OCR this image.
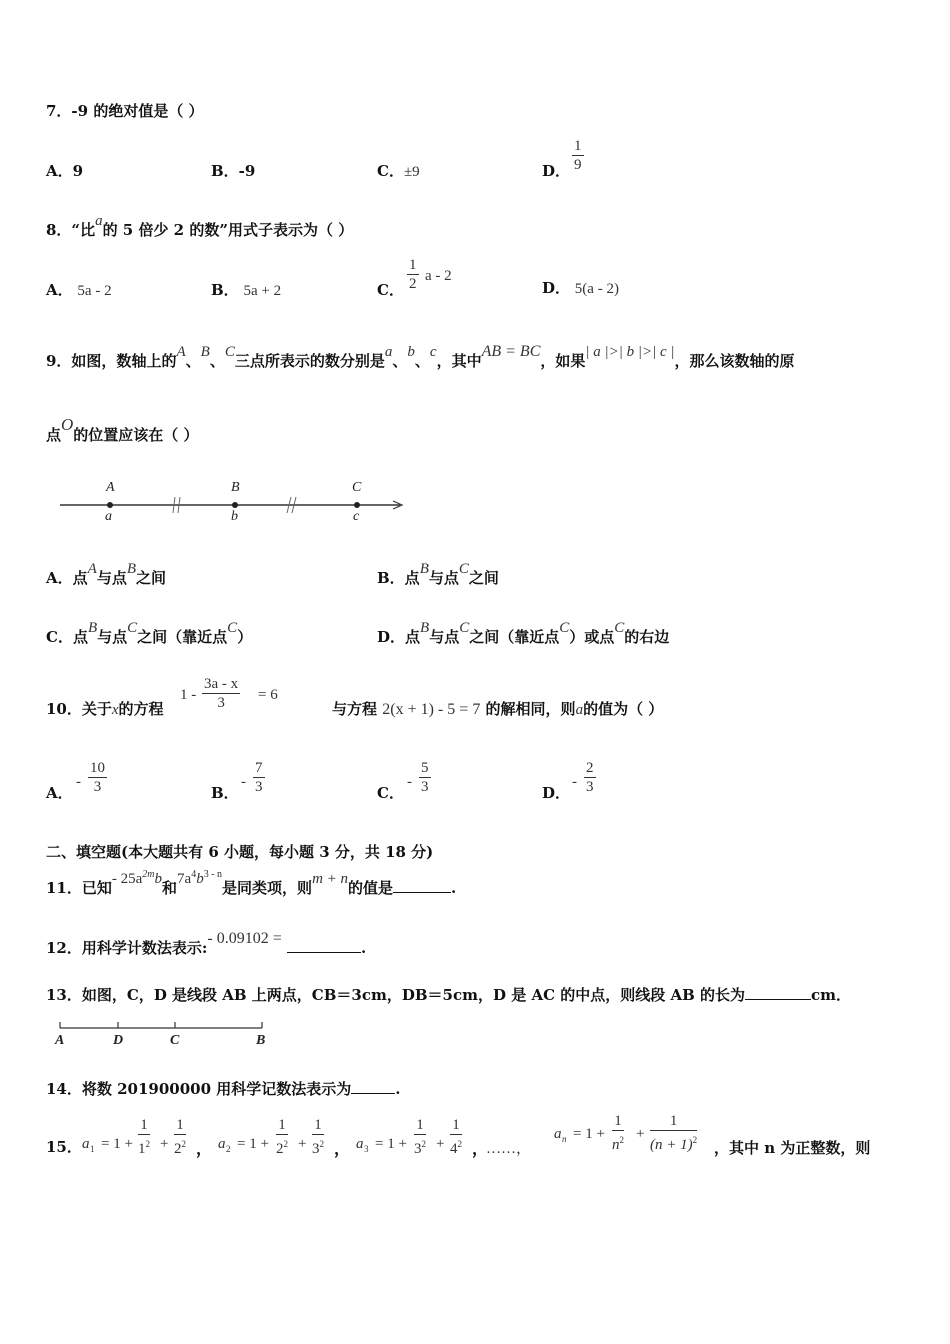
7．-9 的绝对值是（ ）
A．9	B．-9	C．±9	D． $\frac{1}{9}$
8．“比a的 5 倍少 2 的数”用式子表示为（ ）
A． 5a - 2	B． 5a + 2	C． $\frac{1}{2}$ a - 2
D． 5(a - 2)
9．如图，数轴上的A、B、C三点所表示的数分别是a、b、c，其中AB = BC，如果| a |>| b |>| c |，那么该数轴的原
点O的位置应该在（ ）
A	B	C
a	b	c
A．点A与点B之间	B．点B与点C之间
C．点B与点C之间（靠近点C）	D．点B与点C之间（靠近点C）或点C的右边
10．关于x的方程	与方程 2(x + 1) - 5 = 7 的解相同，则a的值为（ ）
$1 - \frac{3a - x}{3} = 6$
A．
- $\frac{10}{3}$	B．
- $\frac{7}{3}$	C．
- $\frac{5}{3}$	D．
- $\frac{2}{3}$
二、填空题(本大题共有 6 小题，每小题 3 分，共 18 分)
11．已知- $25a^{2m}b$和$7a^4b^{3 - n}$是同类项，则m + n的值是	.
12．用科学计数法表示:- 0.09102 = .
13．如图，C，D 是线段 AB 上两点，CB＝3cm，DB＝5cm，D 是 AC 的中点，则线段 AB 的长为	cm．
A	D	C	B
14．将数 201900000 用科学记数法表示为	.
15． a $1 = 1 + \frac{1}{1^2} + \frac{1}{2^2}$ ， a $2 = 1 + \frac{1}{2^2} + \frac{1}{3^2}$ ， a $3 = 1 + \frac{1}{3^2} + \frac{1}{4^2}$ ，
……，
a $n = 1 + \frac{1}{n^2} + \frac{1}{(n + 1)^2}$ ，其中 n 为正整数，则
